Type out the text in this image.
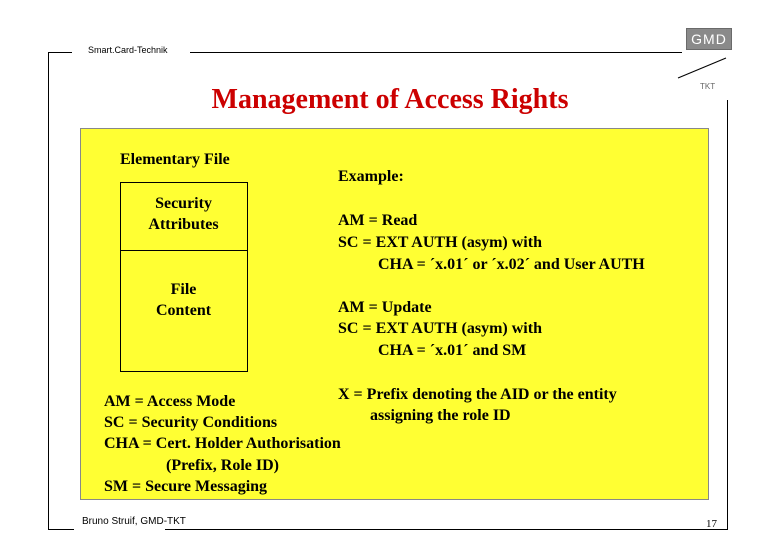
Smart.Card-Technik
GMD
TKT
Management of Access Rights
Elementary File
Security
Attributes
File
Content
Example:
AM = Read
SC = EXT AUTH (asym) with
CHA = ´x.01´ or ´x.02´ and User AUTH
AM = Update
SC = EXT AUTH (asym) with
CHA = ´x.01´ and SM
AM = Access Mode
SC = Security Conditions
CHA = Cert. Holder Authorisation
(Prefix, Role ID)
SM = Secure Messaging
X = Prefix denoting the AID or the entity
assigning the role ID
Bruno Struif, GMD-TKT	17
